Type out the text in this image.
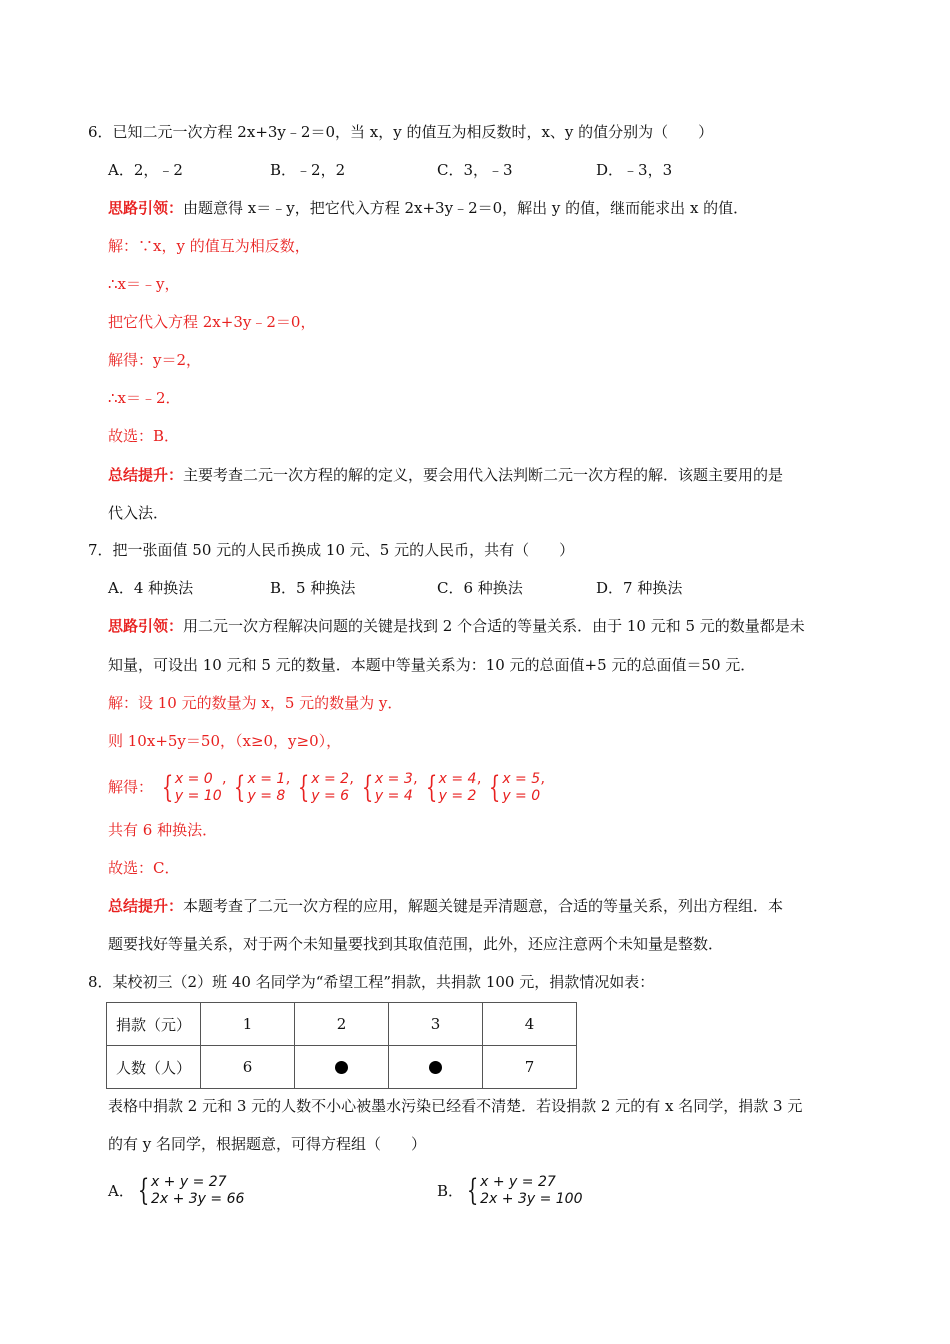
6．已知二元一次方程 2x+3y﹣2＝0，当 x，y 的值互为相反数时，x、y 的值分别为（　　）
A．2，﹣2	B．﹣2，2	C．3，﹣3	D．﹣3，3
思路引领：由题意得 x＝﹣y，把它代入方程 2x+3y﹣2＝0，解出 y 的值，继而能求出 x 的值．
解：∵x，y 的值互为相反数，
∴x＝﹣y，
把它代入方程 2x+3y﹣2＝0，
解得：y＝2，
∴x＝﹣2．
故选：B．
总结提升：主要考查二元一次方程的解的定义，要会用代入法判断二元一次方程的解．该题主要用的是
代入法．
7．把一张面值 50 元的人民币换成 10 元、5 元的人民币，共有（　　）
A．4 种换法	B．5 种换法	C．6 种换法	D．7 种换法
思路引领：用二元一次方程解决问题的关键是找到 2 个合适的等量关系．由于 10 元和 5 元的数量都是未
知量，可设出 10 元和 5 元的数量．本题中等量关系为：10 元的总面值+5 元的总面值＝50 元．
解：设 10 元的数量为 x，5 元的数量为 y．
则 10x+5y＝50，（x≥0，y≥0），
解得： { x = 0
y = 10’ { x = 1
y = 8’ { x = 2
y = 6’ { x = 3
y = 4’ { x = 4
y = 2’ { x = 5
y = 0’
共有 6 种换法．
故选：C．
总结提升：本题考查了二元一次方程的应用，解题关键是弄清题意，合适的等量关系，列出方程组．本
题要找好等量关系，对于两个未知量要找到其取值范围，此外，还应注意两个未知量是整数．
8．某校初三（2）班 40 名同学为“希望工程”捐款，共捐款 100 元，捐款情况如表：
捐款（元）	1	2	3	4
人数（人）	6			7
表格中捐款 2 元和 3 元的人数不小心被墨水污染已经看不清楚．若设捐款 2 元的有 x 名同学，捐款 3 元
的有 y 名同学，根据题意，可得方程组（　　）
A． { x + y = 27
2x + 3y = 66	B． { x + y = 27
2x + 3y = 100
